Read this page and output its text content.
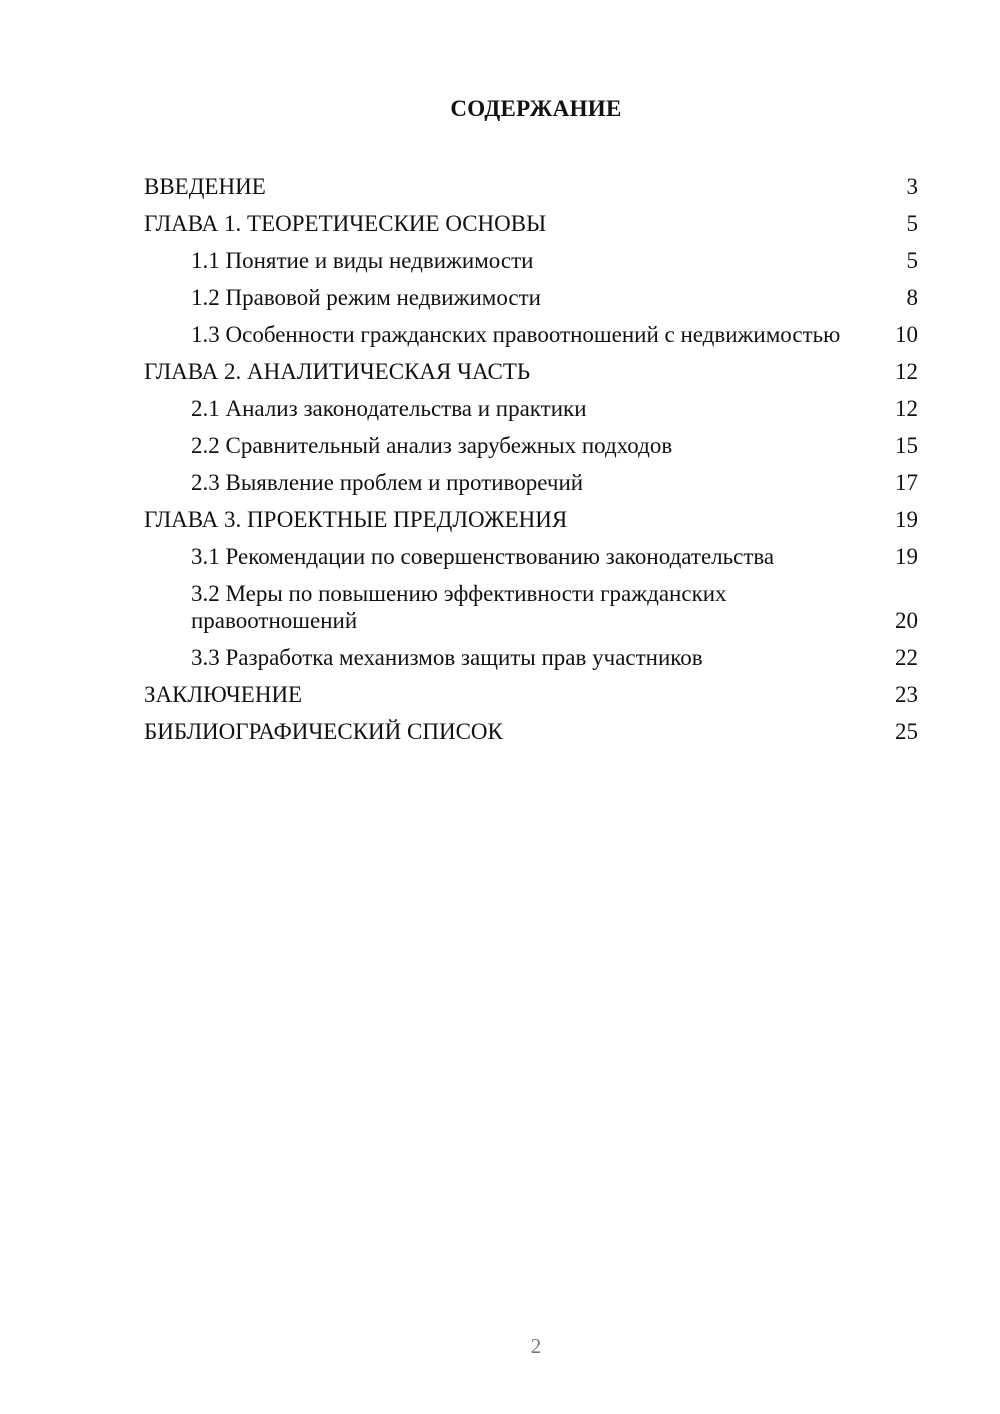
СОДЕРЖАНИЕ
ВВЕДЕНИЕ	3
ГЛАВА 1. ТЕОРЕТИЧЕСКИЕ ОСНОВЫ	5
1.1 Понятие и виды недвижимости	5
1.2 Правовой режим недвижимости	8
1.3 Особенности гражданских правоотношений с недвижимостью	10
ГЛАВА 2. АНАЛИТИЧЕСКАЯ ЧАСТЬ	12
2.1 Анализ законодательства и практики	12
2.2 Сравнительный анализ зарубежных подходов	15
2.3 Выявление проблем и противоречий	17
ГЛАВА 3. ПРОЕКТНЫЕ ПРЕДЛОЖЕНИЯ	19
3.1 Рекомендации по совершенствованию законодательства	19
3.2 Меры по повышению эффективности гражданских правоотношений	20
3.3 Разработка механизмов защиты прав участников	22
ЗАКЛЮЧЕНИЕ	23
БИБЛИОГРАФИЧЕСКИЙ СПИСОК	25
2
